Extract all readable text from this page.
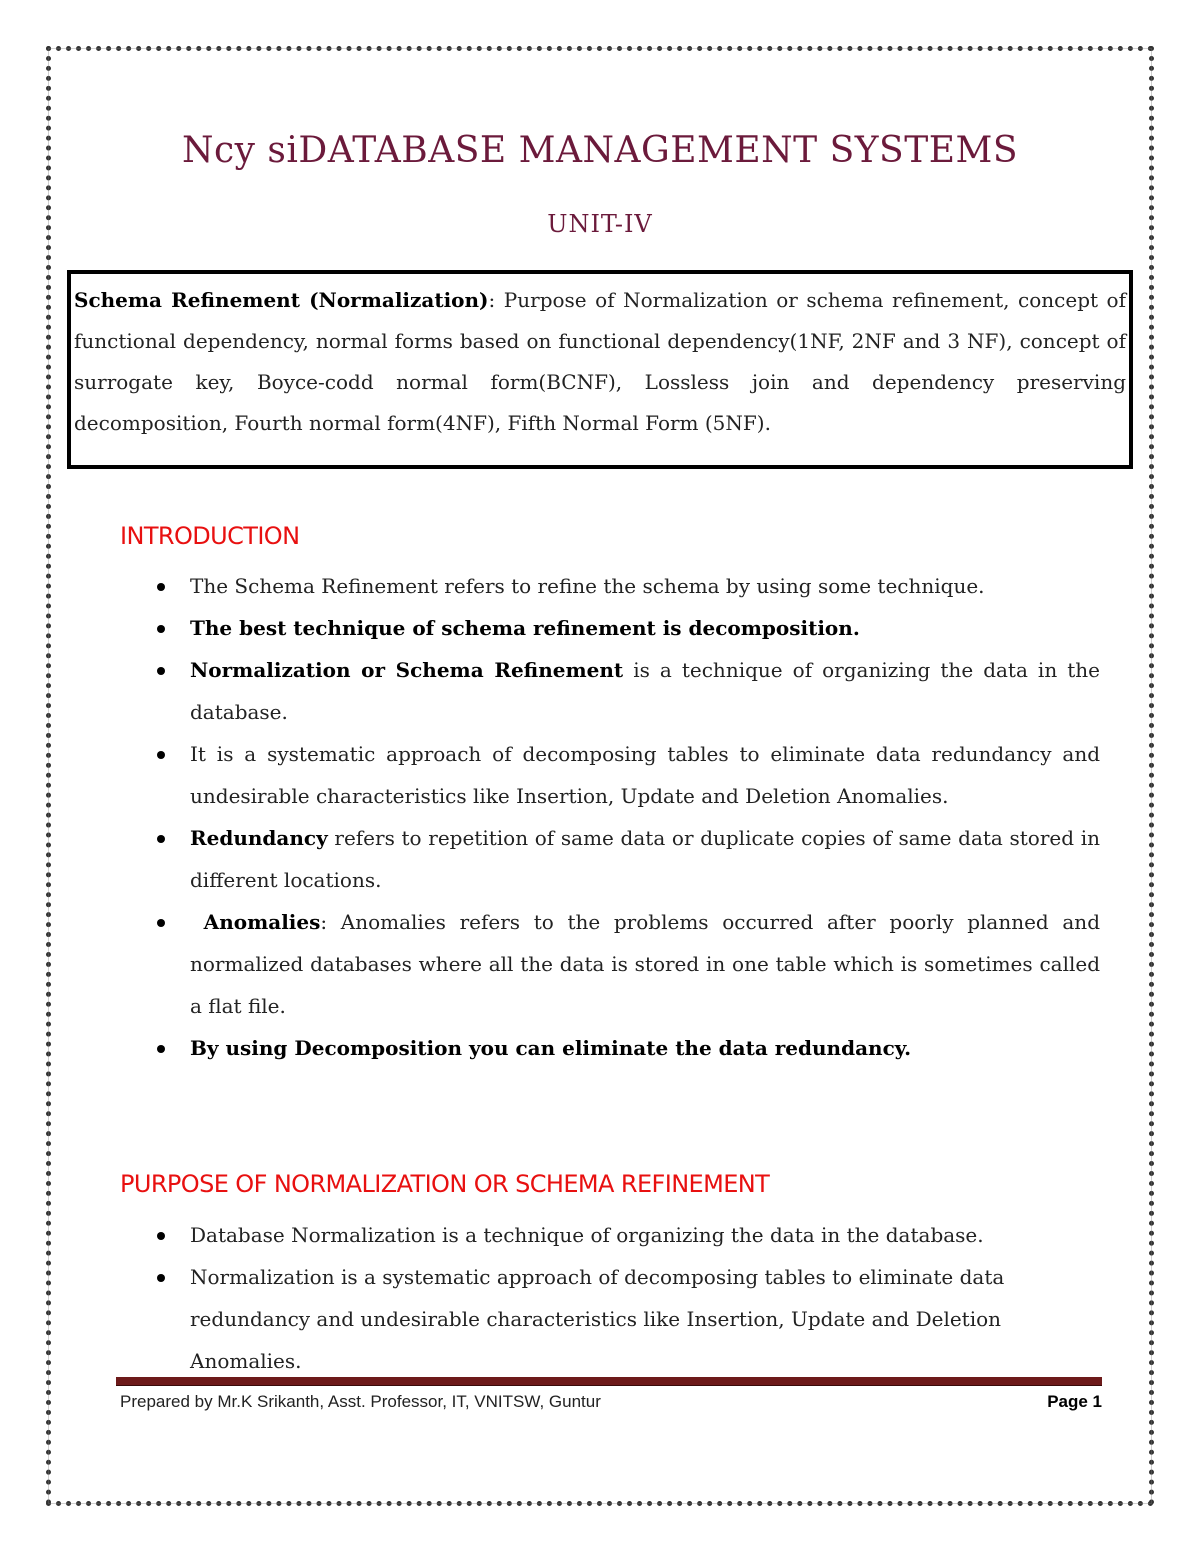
Ncy siDATABASE MANAGEMENT SYSTEMS
UNIT-IV

Schema Refinement (Normalization): Purpose of Normalization or schema refinement, concept of functional dependency, normal forms based on functional dependency(1NF, 2NF and 3 NF), concept of surrogate key, Boyce-codd normal form(BCNF), Lossless join and dependency preserving decomposition, Fourth normal form(4NF), Fifth Normal Form (5NF).

INTRODUCTION
The Schema Refinement refers to refine the schema by using some technique.
The best technique of schema refinement is decomposition.
Normalization or Schema Refinement is a technique of organizing the data in the database.
It is a systematic approach of decomposing tables to eliminate data redundancy and undesirable characteristics like Insertion, Update and Deletion Anomalies.
Redundancy refers to repetition of same data or duplicate copies of same data stored in different locations.
Anomalies: Anomalies refers to the problems occurred after poorly planned and normalized databases where all the data is stored in one table which is sometimes called a flat file.
By using Decomposition you can eliminate the data redundancy.
PURPOSE OF NORMALIZATION OR SCHEMA REFINEMENT
Database Normalization is a technique of organizing the data in the database.
Normalization is a systematic approach of decomposing tables to eliminate data redundancy and undesirable characteristics like Insertion, Update and Deletion Anomalies.
Prepared by Mr.K Srikanth, Asst. Professor, IT, VNITSW, Guntur	Page 1
